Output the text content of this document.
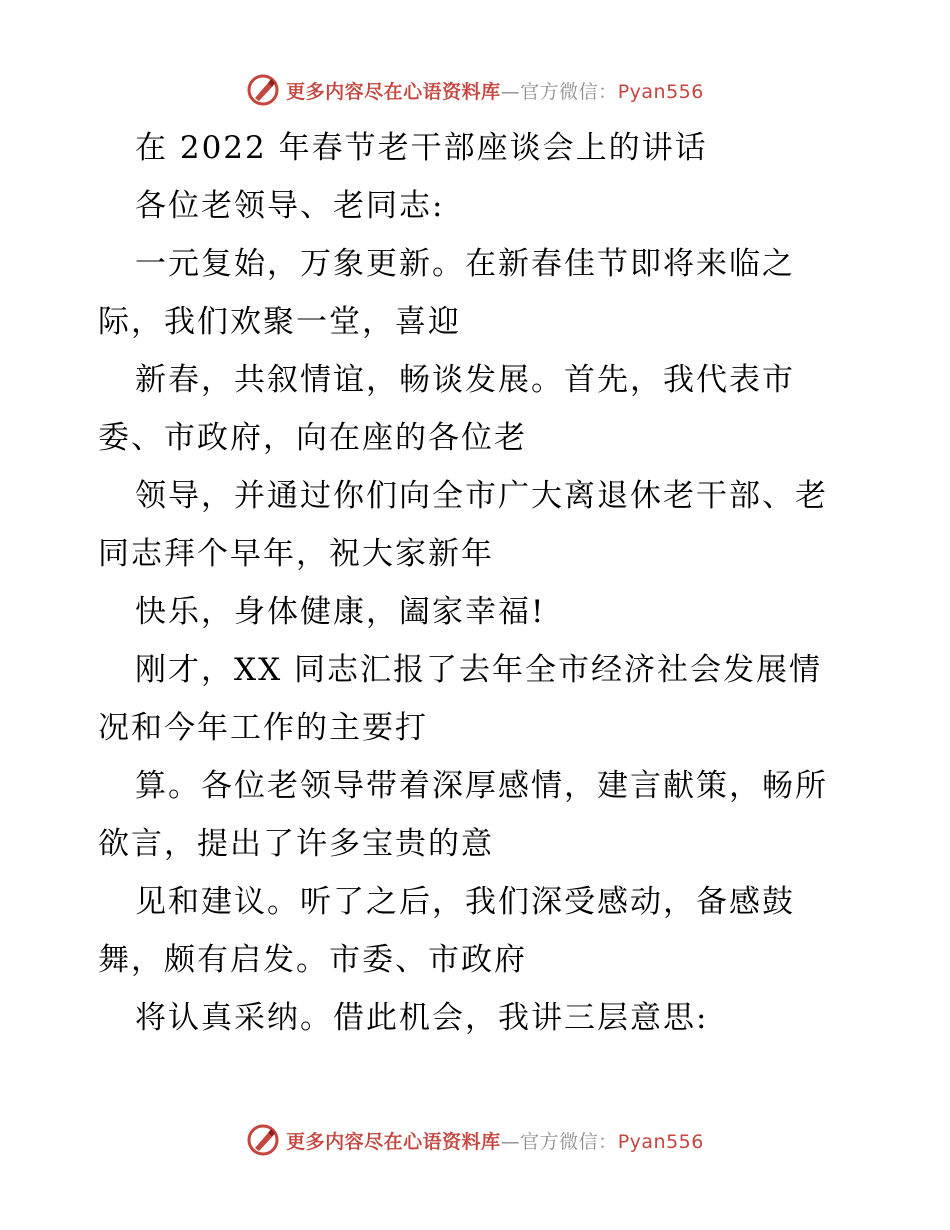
更多内容尽在心语资料库—官方微信：Pyan556
在 2022 年春节老干部座谈会上的讲话
各位老领导、老同志:
一元复始，万象更新。在新春佳节即将来临之
际，我们欢聚一堂，喜迎
新春，共叙情谊，畅谈发展。首先，我代表市
委、市政府，向在座的各位老
领导，并通过你们向全市广大离退休老干部、老
同志拜个早年，祝大家新年
快乐，身体健康，阖家幸福!
刚才，XX 同志汇报了去年全市经济社会发展情
况和今年工作的主要打
算。各位老领导带着深厚感情，建言献策，畅所
欲言，提出了许多宝贵的意
见和建议。听了之后，我们深受感动，备感鼓
舞，颇有启发。市委、市政府
将认真采纳。借此机会，我讲三层意思:
更多内容尽在心语资料库—官方微信：Pyan556
